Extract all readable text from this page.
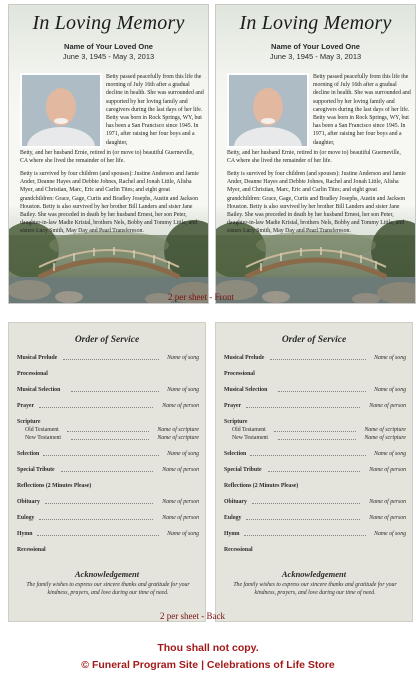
In Loving Memory
Name of Your Loved One
June 3, 1945 - May 3, 2013
Betty passed peacefully from this life the morning of July 16th after a gradual decline in health. She was surrounded and supported by her loving family and caregivers during the last days of her life. Betty was born in Rock Springs, WY, but has been a San Francisco since 1945. In 1971, after raising her four boys and a daughter,
Betty, and her husband Ernie, retired in (or move to) beautiful Guerneville, CA where she lived the remainder of her life.
Betty is survived by four children (and spouses): Justine Anderson and Jamie Ander, Deanne Hayes and Debbie Johnes, Rachel and Jonah Little, Alisha Myer, and Christian, Marc, Eric and Carlin Tites; and eight great grandchildren: Grace, Gage, Curtis and Bradley Josephs, Austin and Jackson Houston. Betty is also survived by her brother Bill Landers and sister Jane Bailey. She was preceded in death by her husband Ernest, her son Peter, daughter-in-law Madie Kristal, brothers Nels, Bobby and Tommy Little, and sisters Lucy Smith, May Day and Pearl Transfereson.
In Loving Memory
Name of Your Loved One
June 3, 1945 - May 3, 2013
Betty passed peacefully from this life the morning of July 16th after a gradual decline in health. She was surrounded and supported by her loving family and caregivers during the last days of her life. Betty was born in Rock Springs, WY, but has been a San Francisco since 1945. In 1971, after raising her four boys and a daughter,
Betty, and her husband Ernie, retired in (or move to) beautiful Guerneville, CA where she lived the remainder of her life.
Betty is survived by four children (and spouses): Justine Anderson and Jamie Ander, Deanne Hayes and Debbie Johnes, Rachel and Jonah Little, Alisha Myer, and Christian, Marc, Eric and Carlin Tites; and eight great grandchildren: Grace, Gage, Curtis and Bradley Josephs, Austin and Jackson Houston. Betty is also survived by her brother Bill Landers and sister Jane Bailey. She was preceded in death by her husband Ernest, her son Peter, daughter-in-law Madie Kristal, brothers Nels, Bobby and Tommy Little, and sisters Lucy Smith, May Day and Pearl Transfereson.
2 per sheet - Front
Order of Service
Musical Prelude	Name of song
Processional
Musical Selection	Name of song
Prayer	Name of person
Scripture
Old Testament	Name of scripture
New Testament	Name of scripture
Selection	Name of song
Special Tribute	Name of person
Reflections (2 Minutes Please)
Obituary	Name of person
Eulogy	Name of person
Hymn	Name of song
Recessional
Acknowledgement
The family wishes to express our sincere thanks and gratitude for your kindness, prayers, and love during our time of need.
Order of Service
Musical Prelude	Name of song
Processional
Musical Selection	Name of song
Prayer	Name of person
Scripture
Old Testament	Name of scripture
New Testament	Name of scripture
Selection	Name of song
Special Tribute	Name of person
Reflections (2 Minutes Please)
Obituary	Name of person
Eulogy	Name of person
Hymn	Name of song
Recessional
Acknowledgement
The family wishes to express our sincere thanks and gratitude for your kindness, prayers, and love during our time of need.
2 per sheet - Back
Thou shall not copy.
© Funeral Program Site | Celebrations of Life Store
